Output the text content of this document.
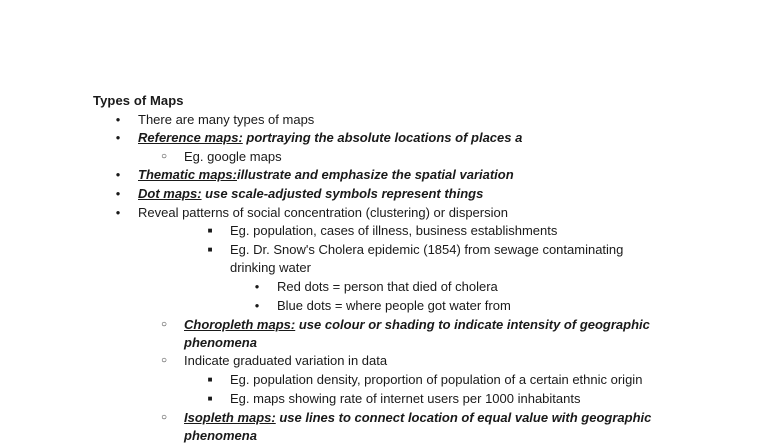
Types of Maps
●
There are many types of maps
●
Reference maps: portraying the absolute locations of places a
○
Eg. google maps
●
Thematic maps:illustrate and emphasize the spatial variation
●
Dot maps: use scale-adjusted symbols represent things
●
Reveal patterns of social concentration (clustering) or dispersion
■
Eg. population, cases of illness, business establishments
■
Eg. Dr. Snow's Cholera epidemic (1854) from sewage contaminating
drinking water
●
Red dots = person that died of cholera
●
Blue dots = where people got water from
○
Choropleth maps: use colour or shading to indicate intensity of geographic
phenomena
○
Indicate graduated variation in data
■
Eg. population density, proportion of population of a certain ethnic origin
■
Eg. maps showing rate of internet users per 1000 inhabitants
○
Isopleth maps: use lines to connect location of equal value with geographic
phenomena
